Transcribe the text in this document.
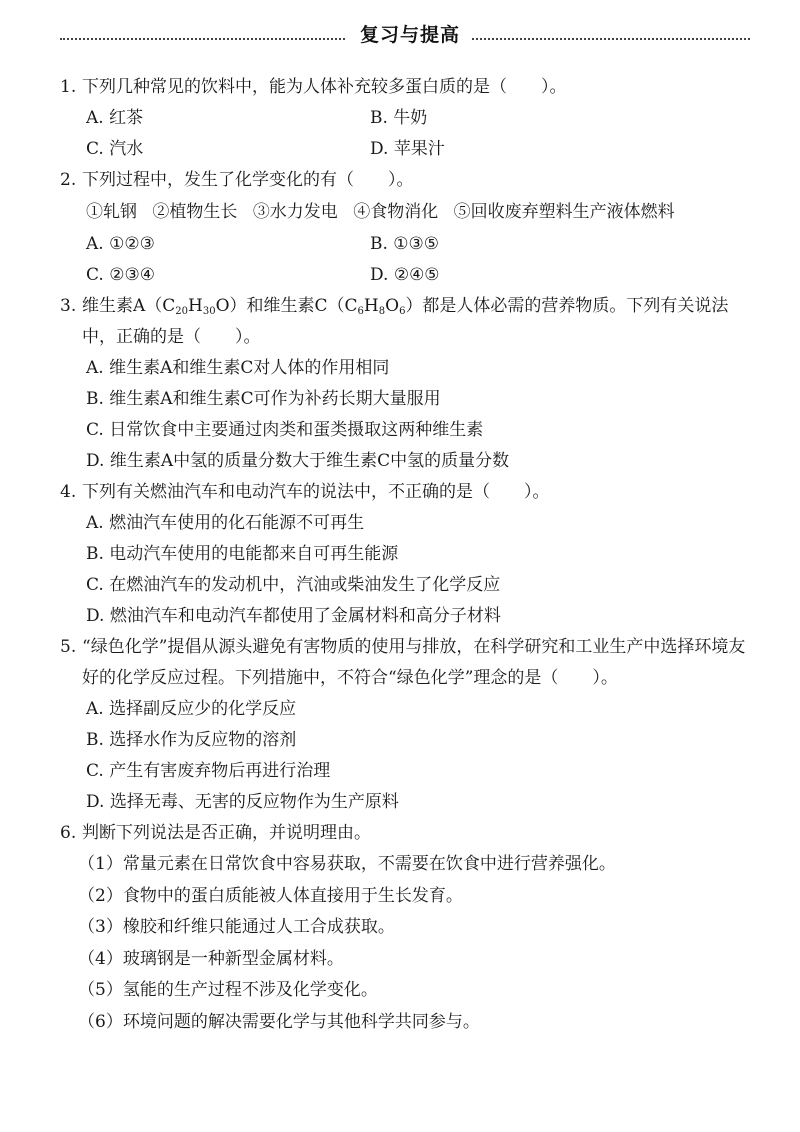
复习与提高
1. 下列几种常见的饮料中，能为人体补充较多蛋白质的是（　　）。
A. 红茶	B. 牛奶
C. 汽水	D. 苹果汁
2. 下列过程中，发生了化学变化的有（　　）。
①轧钢 ②植物生长 ③水力发电 ④食物消化 ⑤回收废弃塑料生产液体燃料
A. ①②③	B. ①③⑤
C. ②③④	D. ②④⑤
3. 维生素$A(C_{20}H_{30}O)$和维生素$C(C_6H_8O_6)$都是人体必需的营养物质。下列有关说法中，正确的是（　　）。
A. 维生素A和维生素C对人体的作用相同
B. 维生素A和维生素C可作为补药长期大量服用
C. 日常饮食中主要通过肉类和蛋类摄取这两种维生素
D. 维生素A中氢的质量分数大于维生素C中氢的质量分数
4. 下列有关燃油汽车和电动汽车的说法中，不正确的是（　　）。
A. 燃油汽车使用的化石能源不可再生
B. 电动汽车使用的电能都来自可再生能源
C. 在燃油汽车的发动机中，汽油或柴油发生了化学反应
D. 燃油汽车和电动汽车都使用了金属材料和高分子材料
5. “绿色化学”提倡从源头避免有害物质的使用与排放，在科学研究和工业生产中选择环境友好的化学反应过程。下列措施中，不符合“绿色化学”理念的是（　　）。
A. 选择副反应少的化学反应
B. 选择水作为反应物的溶剂
C. 产生有害废弃物后再进行治理
D. 选择无毒、无害的反应物作为生产原料
6. 判断下列说法是否正确，并说明理由。
（1）常量元素在日常饮食中容易获取，不需要在饮食中进行营养强化。
（2）食物中的蛋白质能被人体直接用于生长发育。
（3）橡胶和纤维只能通过人工合成获取。
（4）玻璃钢是一种新型金属材料。
（5）氢能的生产过程不涉及化学变化。
（6）环境问题的解决需要化学与其他科学共同参与。
